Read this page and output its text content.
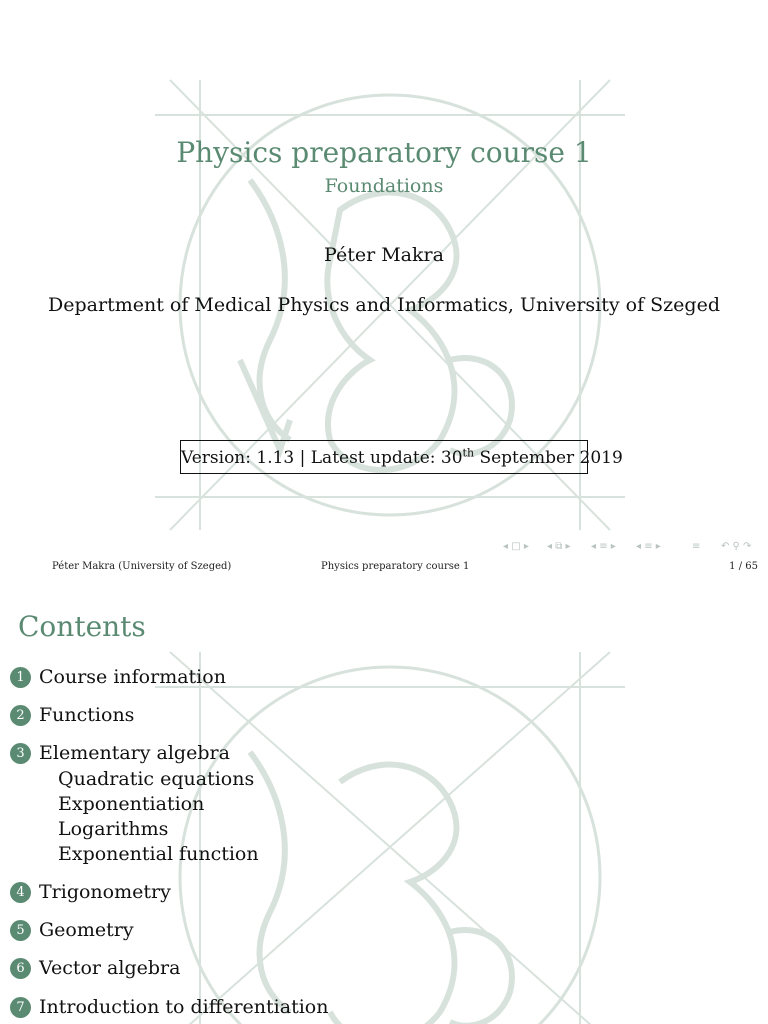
Physics preparatory course 1
Foundations
Péter Makra
Department of Medical Physics and Informatics, University of Szeged
Version: 1.13 | Latest update: 30th September 2019
◂ □ ▸ ◂ ⧉ ▸ ◂ ≡ ▸ ◂ ≡ ▸	≡ ↶ ⚲ ↷
Péter Makra (University of Szeged)	Physics preparatory course 1	1 / 65
Contents
1 Course information
2 Functions
3 Elementary algebra
Quadratic equations
Exponentiation
Logarithms
Exponential function
4 Trigonometry
5 Geometry
6 Vector algebra
7 Introduction to differentiation
